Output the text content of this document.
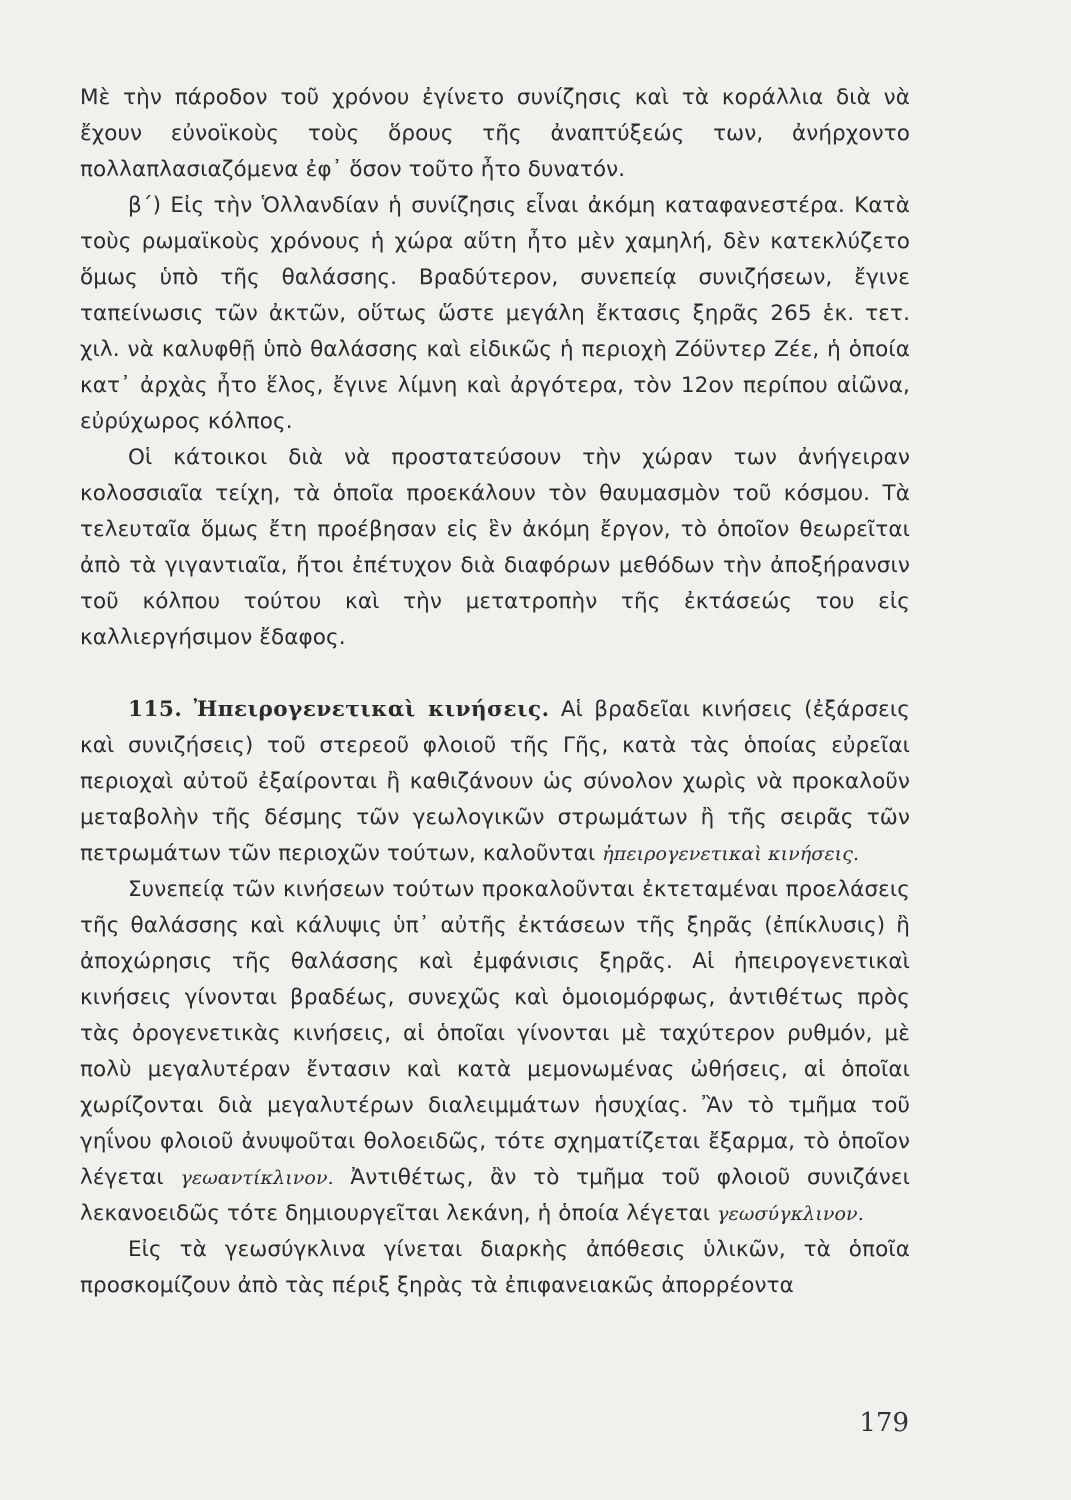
Μὲ τὴν πάροδον τοῦ χρόνου ἐγίνετο συνίζησις καὶ τὰ κοράλλια διὰ νὰ ἔχουν εὐνοϊκοὺς τοὺς ὅρους τῆς ἀναπτύξεώς των, ἀνήρχοντο πολλαπλασιαζόμενα ἐφ᾽ ὅσον τοῦτο ἦτο δυνατόν.

β΄) Εἰς τὴν Ὁλλανδίαν ἡ συνίζησις εἶναι ἀκόμη καταφανεστέρα. Κατὰ τοὺς ρωμαϊκοὺς χρόνους ἡ χώρα αὕτη ἦτο μὲν χαμηλή, δὲν κατεκλύζετο ὅμως ὑπὸ τῆς θαλάσσης. Βραδύτερον, συνεπείᾳ συνιζήσεων, ἔγινε ταπείνωσις τῶν ἀκτῶν, οὕτως ὥστε μεγάλη ἔκτασις ξηρᾶς 265 ἑκ. τετ. χιλ. νὰ καλυφθῇ ὑπὸ θαλάσσης καὶ εἰδικῶς ἡ περιοχὴ Ζόϋντερ Ζέε, ἡ ὁποία κατ᾽ ἀρχὰς ἦτο ἕλος, ἔγινε λίμνη καὶ ἀργότερα, τὸν 12ον περίπου αἰῶνα, εὐρύχωρος κόλπος.

Οἱ κάτοικοι διὰ νὰ προστατεύσουν τὴν χώραν των ἀνήγειραν κολοσσιαῖα τείχη, τὰ ὁποῖα προεκάλουν τὸν θαυμασμὸν τοῦ κόσμου. Τὰ τελευταῖα ὅμως ἔτη προέβησαν εἰς ἓν ἀκόμη ἔργον, τὸ ὁποῖον θεωρεῖται ἀπὸ τὰ γιγαντιαῖα, ἤτοι ἐπέτυχον διὰ διαφόρων μεθόδων τὴν ἀποξήρανσιν τοῦ κόλπου τούτου καὶ τὴν μετατροπὴν τῆς ἐκτάσεώς του εἰς καλλιεργήσιμον ἔδαφος.

115. Ἠπειρογενετικαὶ κινήσεις. Αἱ βραδεῖαι κινήσεις (ἐξάρσεις καὶ συνιζήσεις) τοῦ στερεοῦ φλοιοῦ τῆς Γῆς, κατὰ τὰς ὁποίας εὐρεῖαι περιοχαὶ αὐτοῦ ἐξαίρονται ἢ καθιζάνουν ὡς σύνολον χωρὶς νὰ προκαλοῦν μεταβολὴν τῆς δέσμης τῶν γεωλογικῶν στρωμάτων ἢ τῆς σειρᾶς τῶν πετρωμάτων τῶν περιοχῶν τούτων, καλοῦνται ἠπειρογενετικαὶ κινήσεις.

Συνεπείᾳ τῶν κινήσεων τούτων προκαλοῦνται ἐκτεταμέναι προελάσεις τῆς θαλάσσης καὶ κάλυψις ὑπ᾽ αὐτῆς ἐκτάσεων τῆς ξηρᾶς (ἐπίκλυσις) ἢ ἀποχώρησις τῆς θαλάσσης καὶ ἐμφάνισις ξηρᾶς. Αἱ ἠπειρογενετικαὶ κινήσεις γίνονται βραδέως, συνεχῶς καὶ ὁμοιομόρφως, ἀντιθέτως πρὸς τὰς ὀρογενετικὰς κινήσεις, αἱ ὁποῖαι γίνονται μὲ ταχύτερον ρυθμόν, μὲ πολὺ μεγαλυτέραν ἔντασιν καὶ κατὰ μεμονωμένας ὠθήσεις, αἱ ὁποῖαι χωρίζονται διὰ μεγαλυτέρων διαλειμμάτων ἡσυχίας. Ἂν τὸ τμῆμα τοῦ γηΐνου φλοιοῦ ἀνυψοῦται θολοειδῶς, τότε σχηματίζεται ἔξαρμα, τὸ ὁποῖον λέγεται γεωαντίκλινον. Ἀντιθέτως, ἂν τὸ τμῆμα τοῦ φλοιοῦ συνιζάνει λεκανοειδῶς τότε δημιουργεῖται λεκάνη, ἡ ὁποία λέγεται γεωσύγκλινον.

Εἰς τὰ γεωσύγκλινα γίνεται διαρκὴς ἀπόθεσις ὑλικῶν, τὰ ὁποῖα προσκομίζουν ἀπὸ τὰς πέριξ ξηρὰς τὰ ἐπιφανειακῶς ἀπορρέοντα

179
